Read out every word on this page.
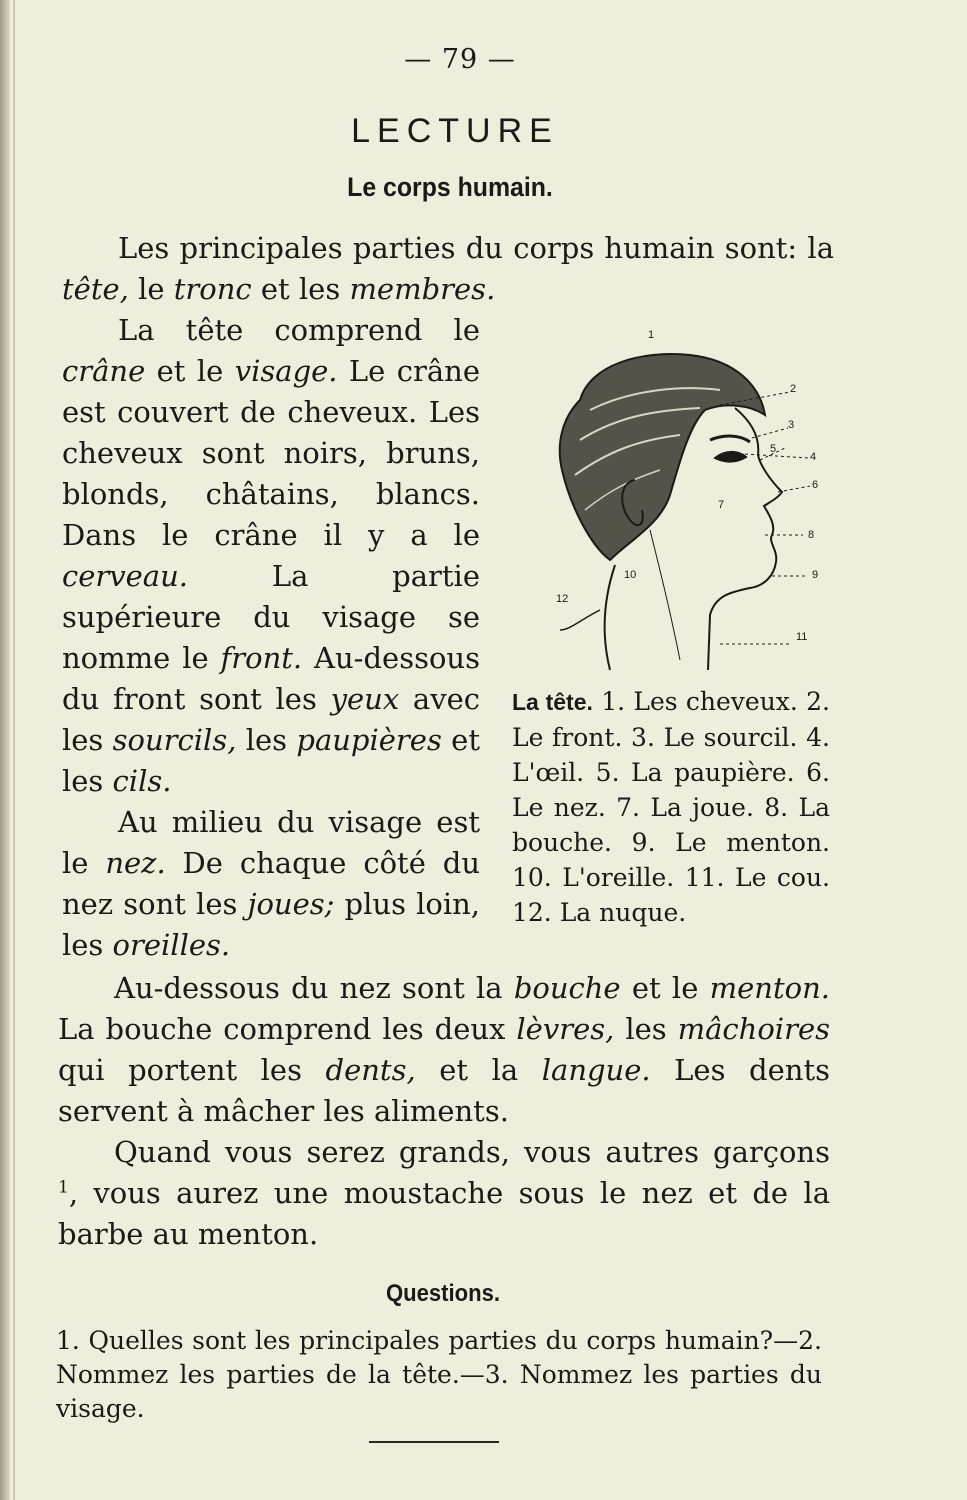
— 79 —
LECTURE
Le corps humain.

Les principales parties du corps humain sont: la tête, le tronc et les membres.

La tête comprend le crâne et le visage. Le crâne est couvert de cheveux. Les cheveux sont noirs, bruns, blonds, châtains, blancs. Dans le crâne il y a le cerveau. La partie supérieure du visage se nomme le front. Au-dessous du front sont les yeux avec les sourcils, les paupières et les cils.

Au milieu du visage est le nez. De chaque côté du nez sont les joues; plus loin, les oreilles.

1
2
3
4
5
6
7
8
9
10
11
12

La tête. 1. Les cheveux. 2. Le front. 3. Le sourcil. 4. L'œil. 5. La paupière. 6. Le nez. 7. La joue. 8. La bouche. 9. Le menton. 10. L'oreille. 11. Le cou. 12. La nuque.

Au-dessous du nez sont la bouche et le menton. La bouche comprend les deux lèvres, les mâchoires qui portent les dents, et la langue. Les dents servent à mâcher les aliments.

Quand vous serez grands, vous autres garçons $^1$, vous aurez une moustache sous le nez et de la barbe au menton.

Questions.

1. Quelles sont les principales parties du corps humain?—2. Nommez les parties de la tête.—3. Nommez les parties du visage.
